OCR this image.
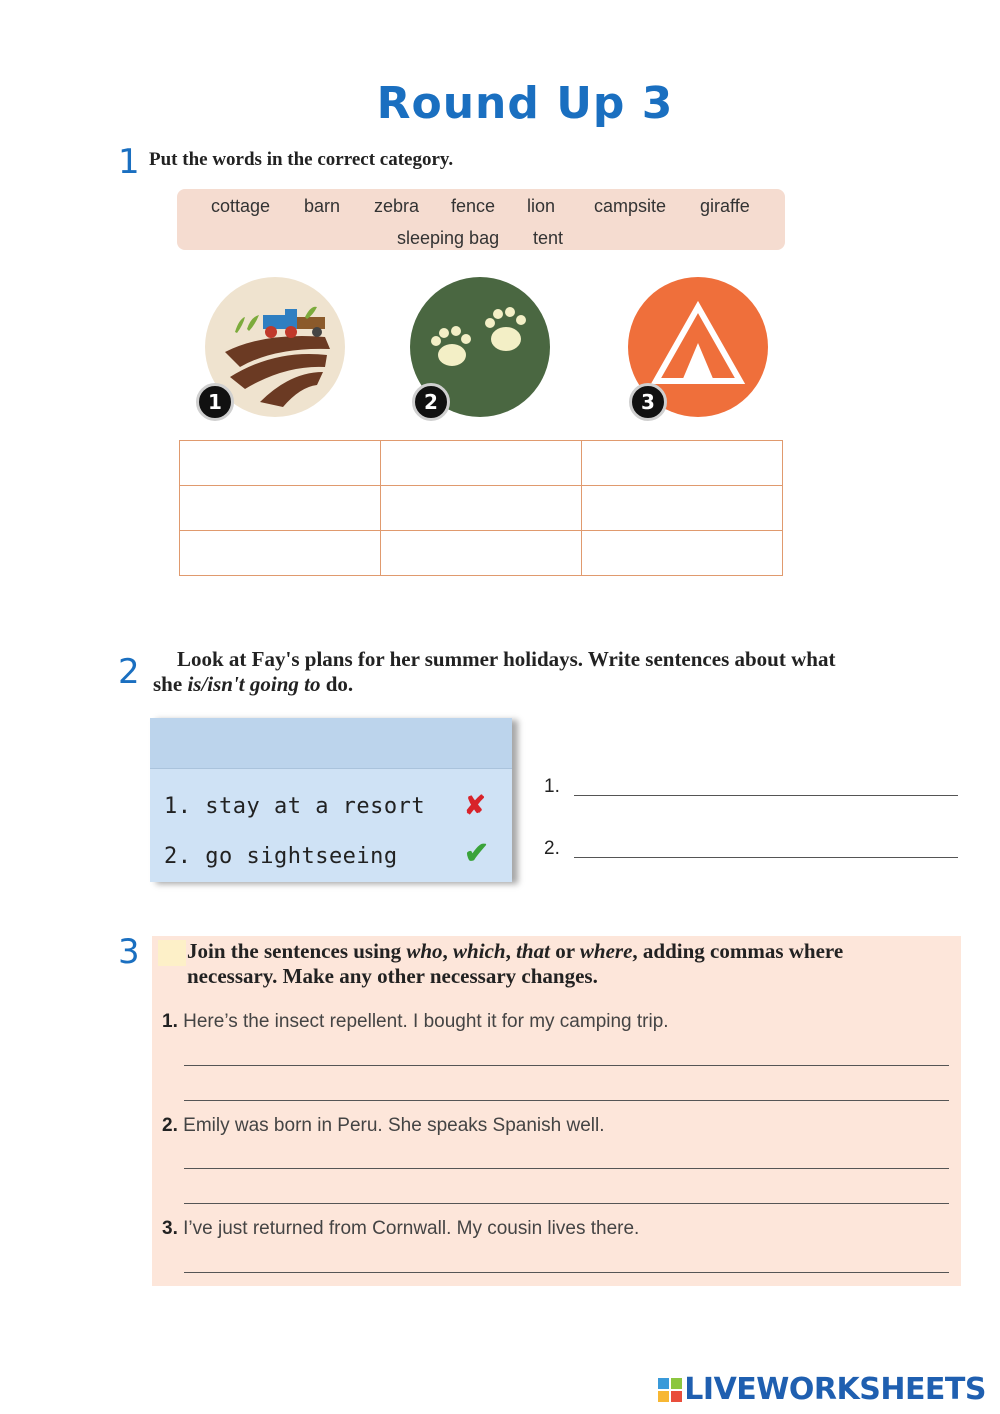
Round Up 3
1 Put the words in the correct category.
cottage barn zebra fence lion campsite giraffe
sleeping bag tent
1	2	3

2 Look at Fay's plans for her summer holidays. Write sentences about what
she is/isn't going to do.
1. stay at a resort ✘
2. go sightseeing ✔
1.
2.
3 Join the sentences using who, which, that or where, adding commas where
necessary. Make any other necessary changes.
1. Here’s the insect repellent. I bought it for my camping trip.
2. Emily was born in Peru. She speaks Spanish well.
3. I’ve just returned from Cornwall. My cousin lives there.
LIVEWORKSHEETS
